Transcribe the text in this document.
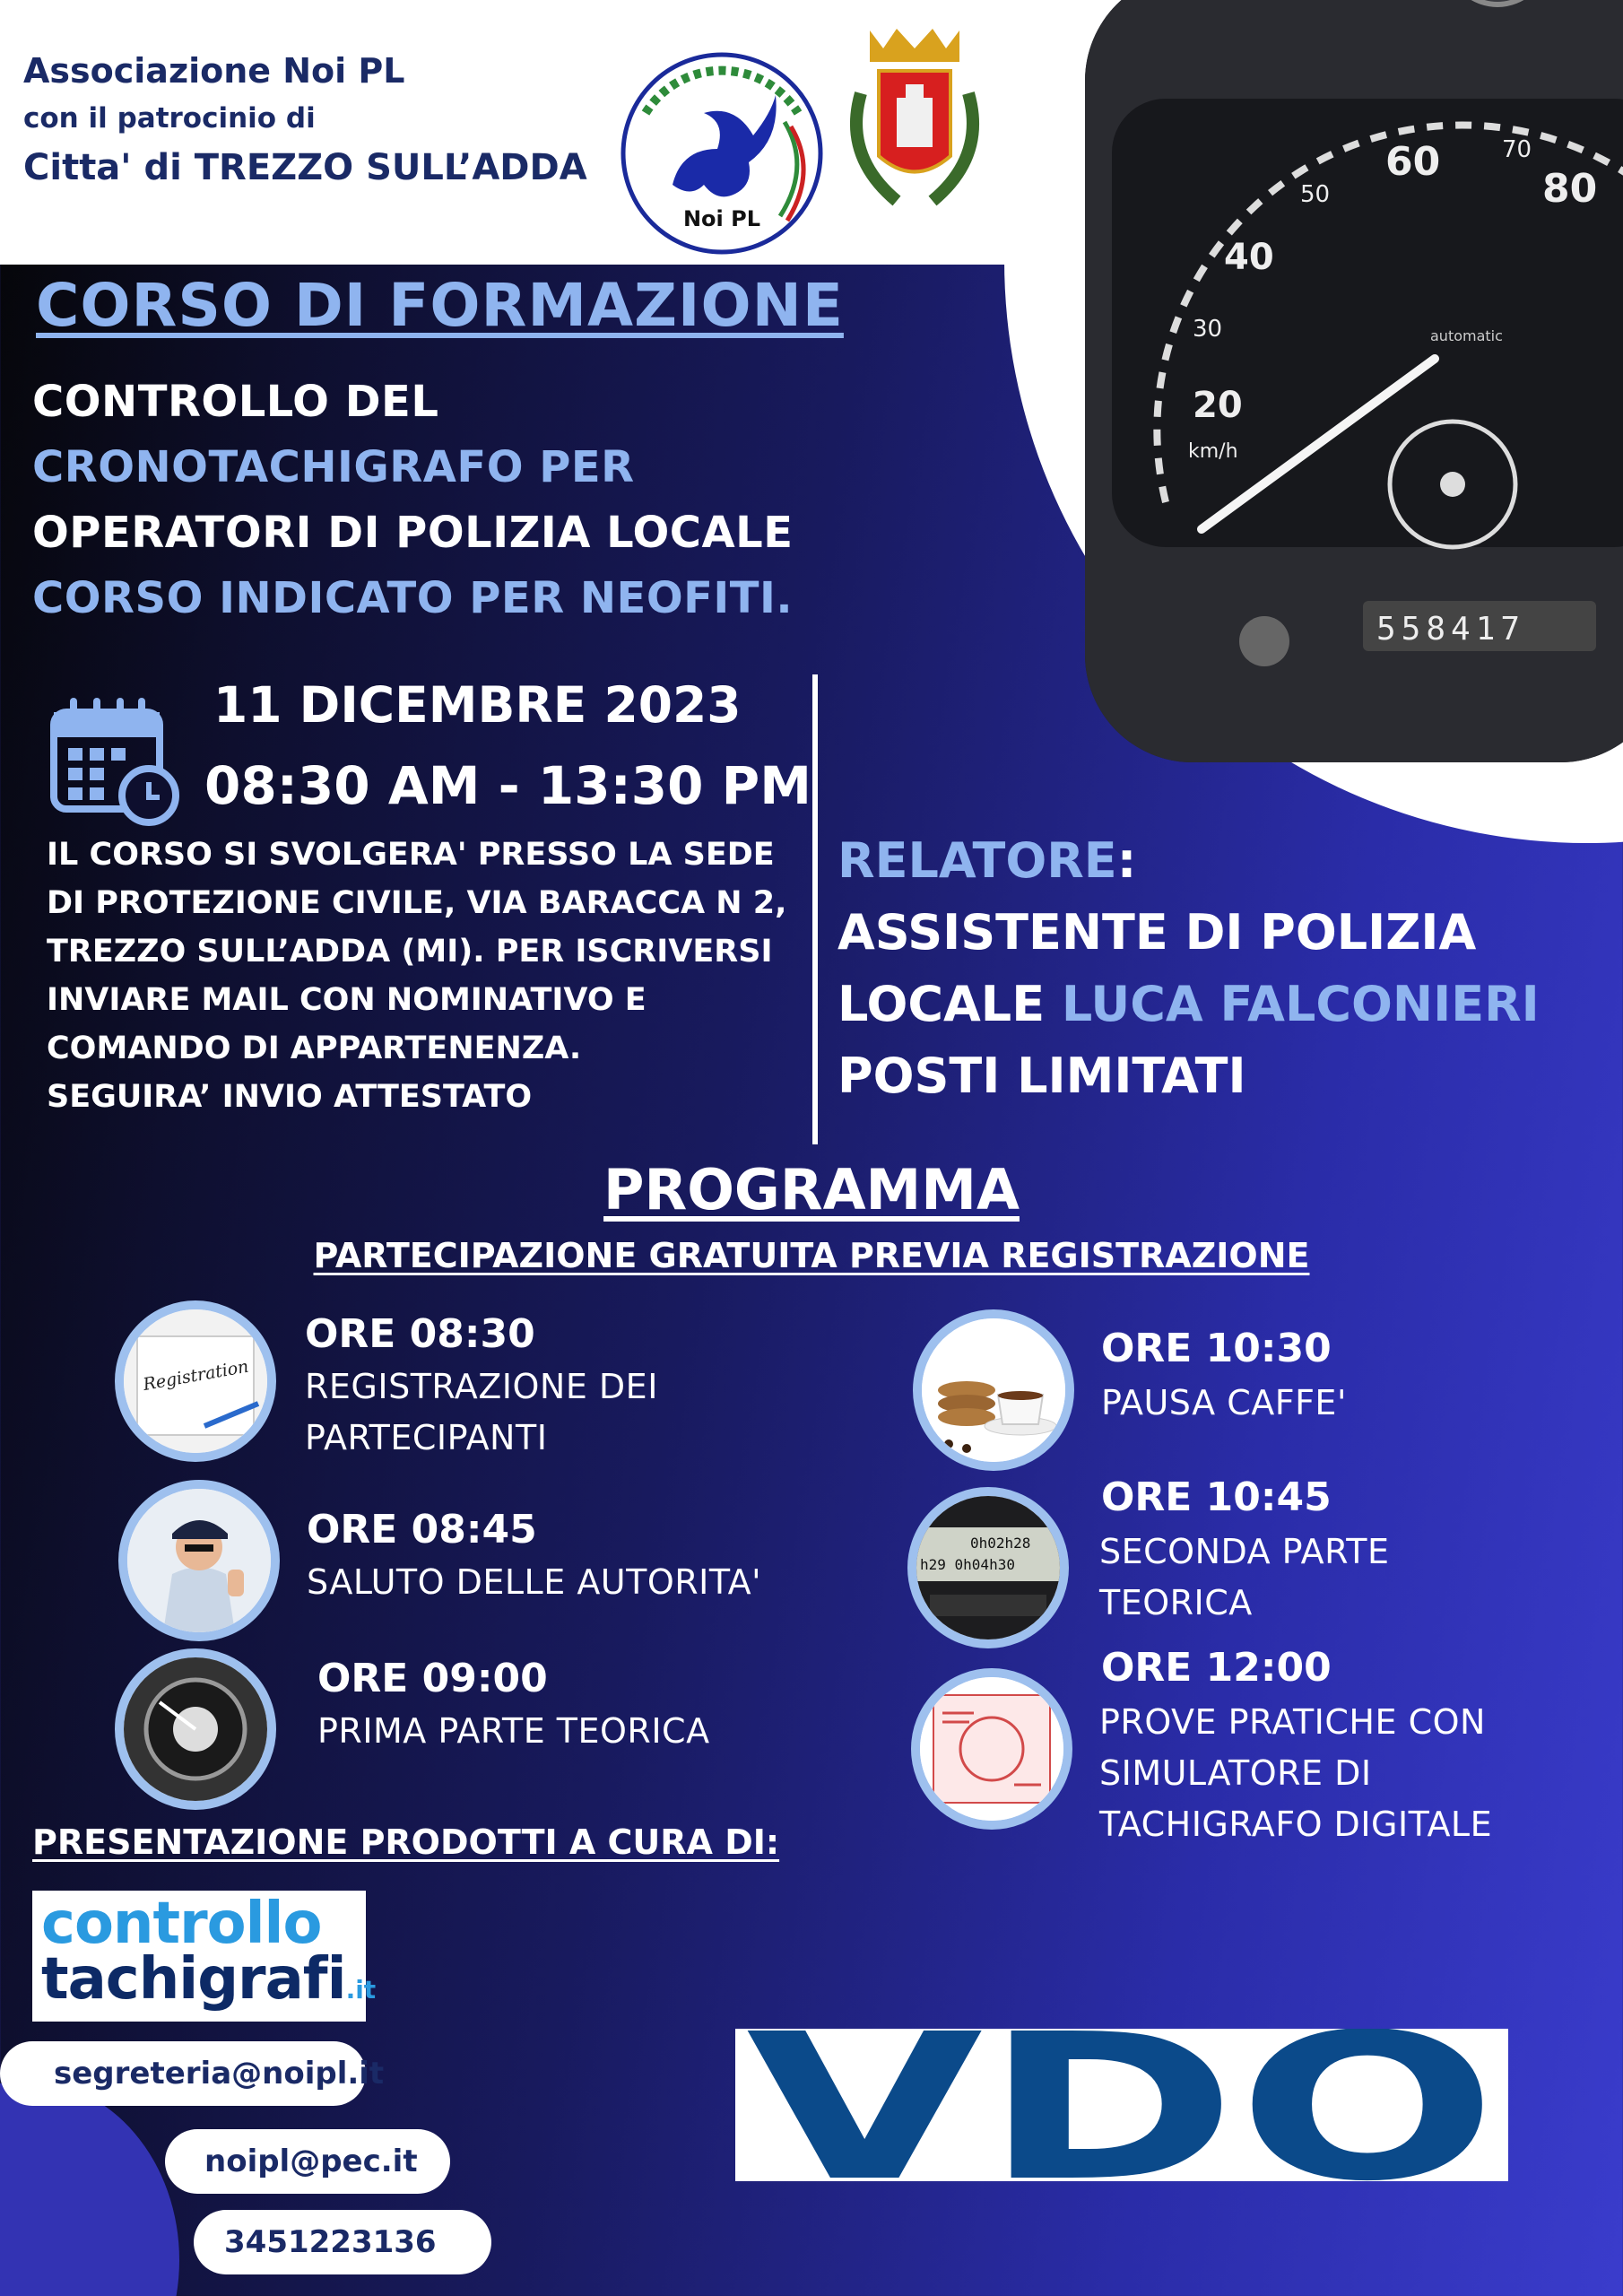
Associazione Noi PL
con il patrocinio di
Citta' di TREZZO SULL’ADDA
Noi PL
20
30
40
50
60	70
80
km/h
automatic
558417
CORSO DI FORMAZIONE
CONTROLLO DEL
CRONOTACHIGRAFO PER
OPERATORI DI POLIZIA LOCALE
CORSO INDICATO PER NEOFITI.
11 DICEMBRE 2023
08:30 AM - 13:30 PM
IL CORSO SI SVOLGERA' PRESSO LA SEDE
DI PROTEZIONE CIVILE, VIA BARACCA N 2,
TREZZO SULL’ADDA (MI). PER ISCRIVERSI
INVIARE MAIL CON NOMINATIVO E
COMANDO DI APPARTENENZA.
SEGUIRA’ INVIO ATTESTATO
RELATORE:
ASSISTENTE DI POLIZIA
LOCALE LUCA FALCONIERI
POSTI LIMITATI
PROGRAMMA
PARTECIPAZIONE GRATUITA PREVIA REGISTRAZIONE
Registration
ORE 08:30
REGISTRAZIONE DEI
PARTECIPANTI
ORE 08:45
SALUTO DELLE AUTORITA'
ORE 09:00
PRIMA PARTE TEORICA
ORE 10:30
PAUSA CAFFE'
0h02h28
h29 0h04h30
ORE 10:45
SECONDA PARTE
TEORICA
ORE 12:00
PROVE PRATICHE CON
SIMULATORE DI
TACHIGRAFO DIGITALE
PRESENTAZIONE PRODOTTI A CURA DI:
controllo
tachigrafi.it
VDO
segreteria@noipl.it
noipl@pec.it
3451223136
